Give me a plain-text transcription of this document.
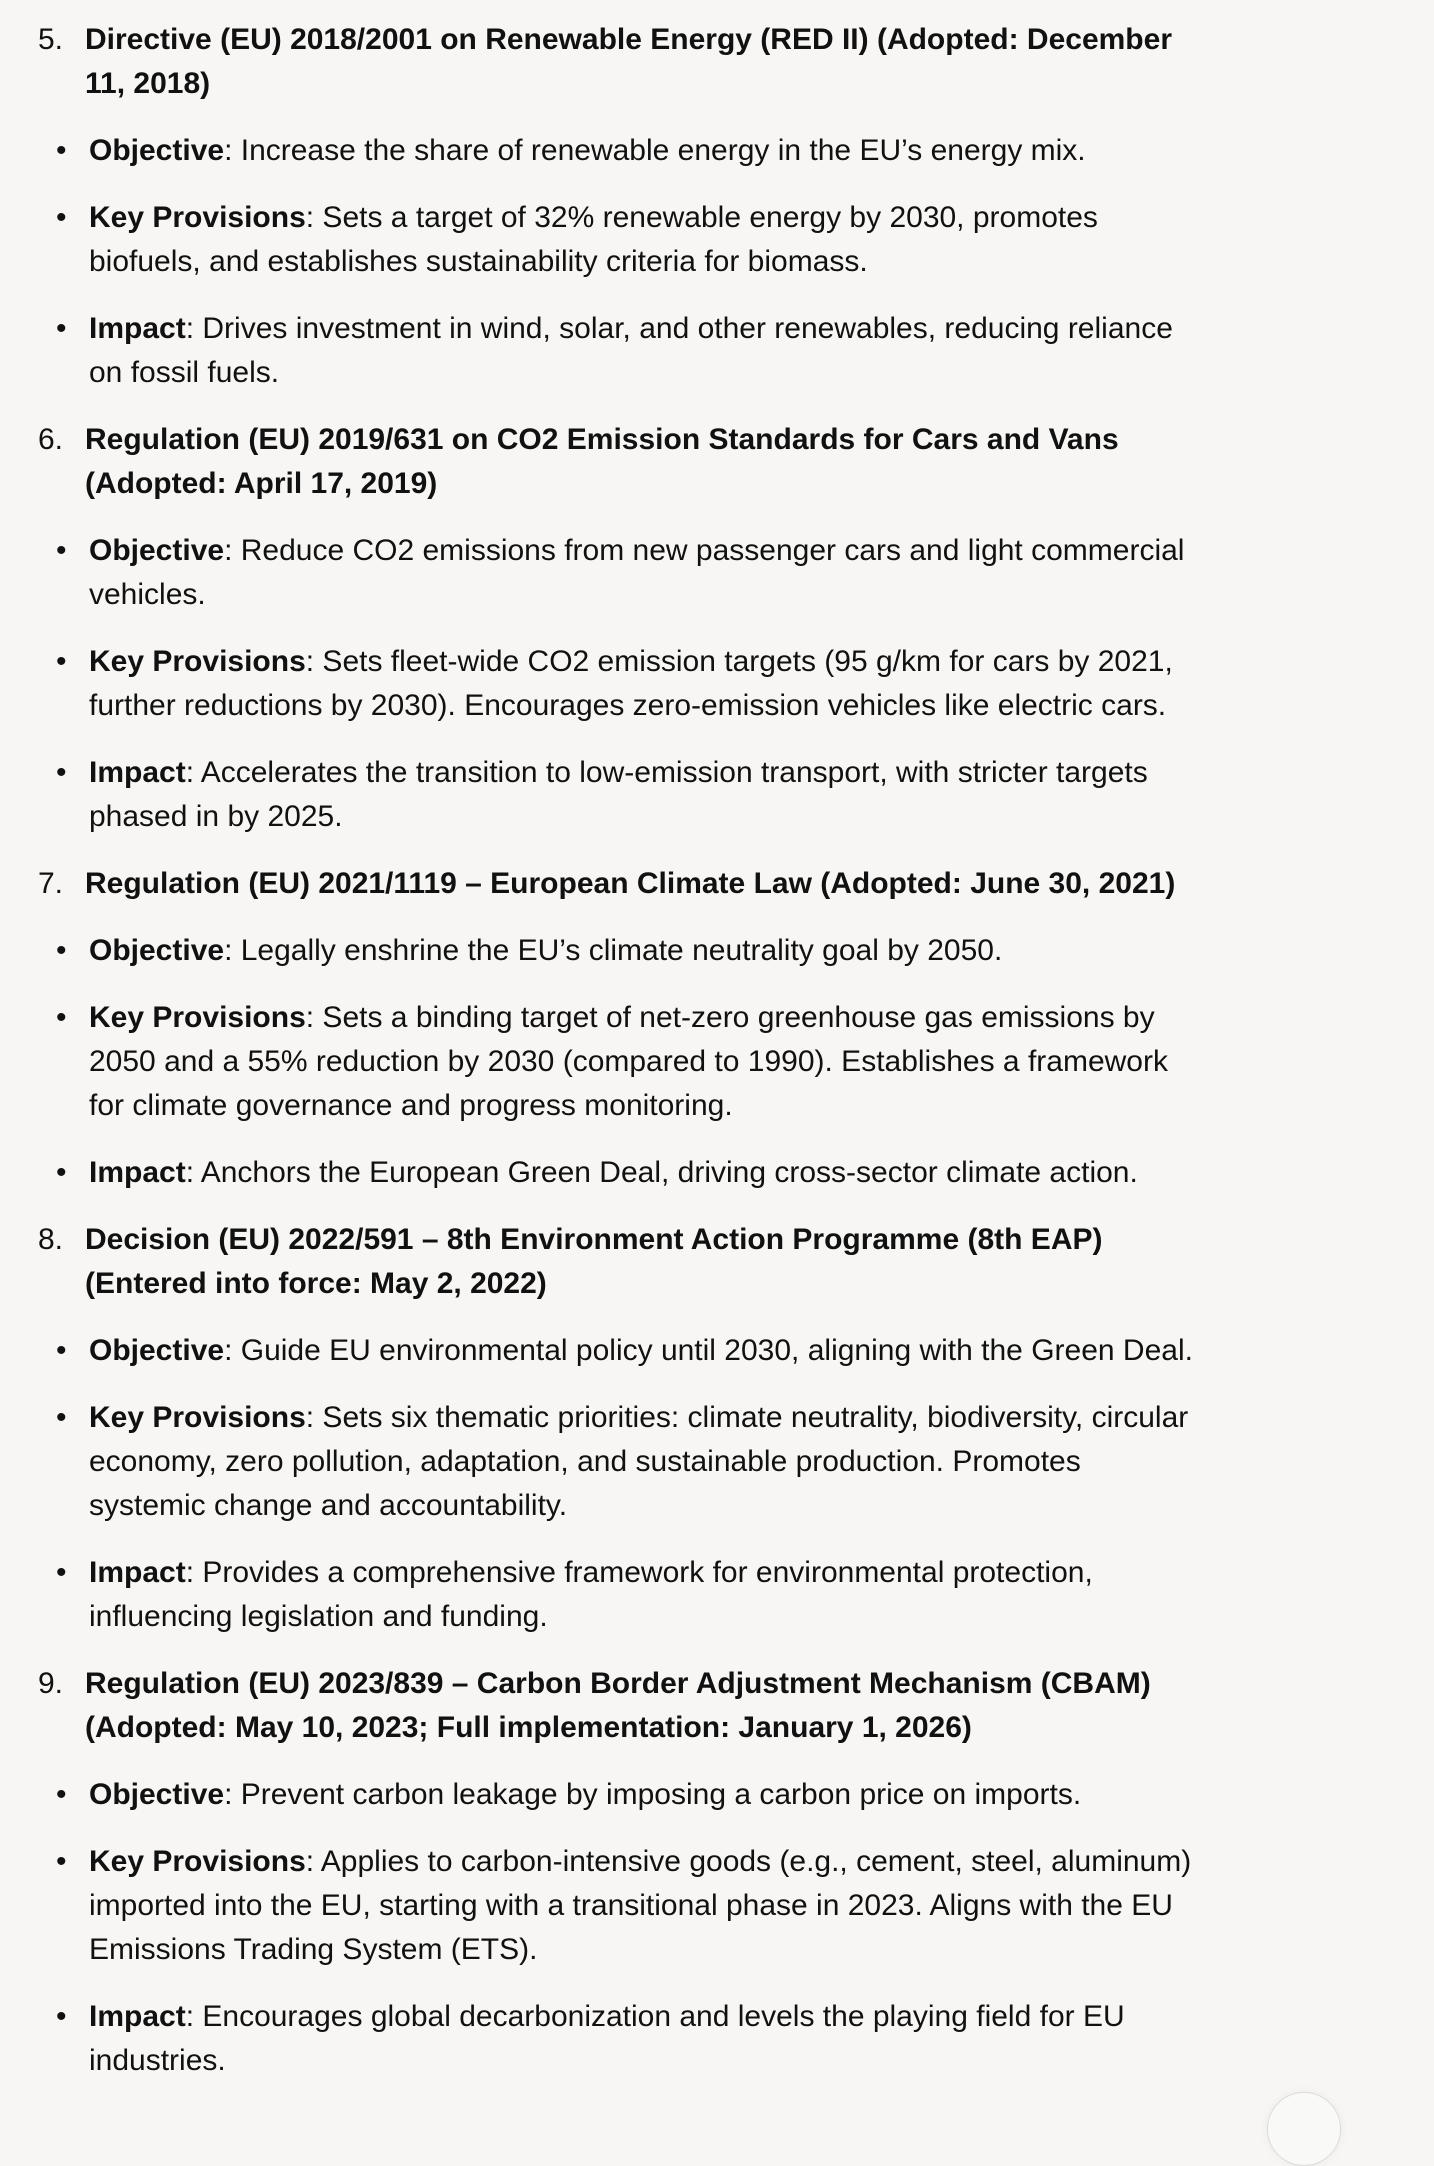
5. Directive (EU) 2018/2001 on Renewable Energy (RED II) (Adopted: December
11, 2018)
• Objective: Increase the share of renewable energy in the EU’s energy mix.
• Key Provisions: Sets a target of 32% renewable energy by 2030, promotes
biofuels, and establishes sustainability criteria for biomass.
• Impact: Drives investment in wind, solar, and other renewables, reducing reliance
on fossil fuels.
6. Regulation (EU) 2019/631 on CO2 Emission Standards for Cars and Vans
(Adopted: April 17, 2019)
• Objective: Reduce CO2 emissions from new passenger cars and light commercial
vehicles.
• Key Provisions: Sets fleet-wide CO2 emission targets (95 g/km for cars by 2021,
further reductions by 2030). Encourages zero-emission vehicles like electric cars.
• Impact: Accelerates the transition to low-emission transport, with stricter targets
phased in by 2025.
7. Regulation (EU) 2021/1119 – European Climate Law (Adopted: June 30, 2021)
• Objective: Legally enshrine the EU’s climate neutrality goal by 2050.
• Key Provisions: Sets a binding target of net-zero greenhouse gas emissions by
2050 and a 55% reduction by 2030 (compared to 1990). Establishes a framework
for climate governance and progress monitoring.
• Impact: Anchors the European Green Deal, driving cross-sector climate action.
8. Decision (EU) 2022/591 – 8th Environment Action Programme (8th EAP)
(Entered into force: May 2, 2022)
• Objective: Guide EU environmental policy until 2030, aligning with the Green Deal.
• Key Provisions: Sets six thematic priorities: climate neutrality, biodiversity, circular
economy, zero pollution, adaptation, and sustainable production. Promotes
systemic change and accountability.
• Impact: Provides a comprehensive framework for environmental protection,
influencing legislation and funding.
9. Regulation (EU) 2023/839 – Carbon Border Adjustment Mechanism (CBAM)
(Adopted: May 10, 2023; Full implementation: January 1, 2026)
• Objective: Prevent carbon leakage by imposing a carbon price on imports.
• Key Provisions: Applies to carbon-intensive goods (e.g., cement, steel, aluminum)
imported into the EU, starting with a transitional phase in 2023. Aligns with the EU
Emissions Trading System (ETS).
• Impact: Encourages global decarbonization and levels the playing field for EU
industries.
